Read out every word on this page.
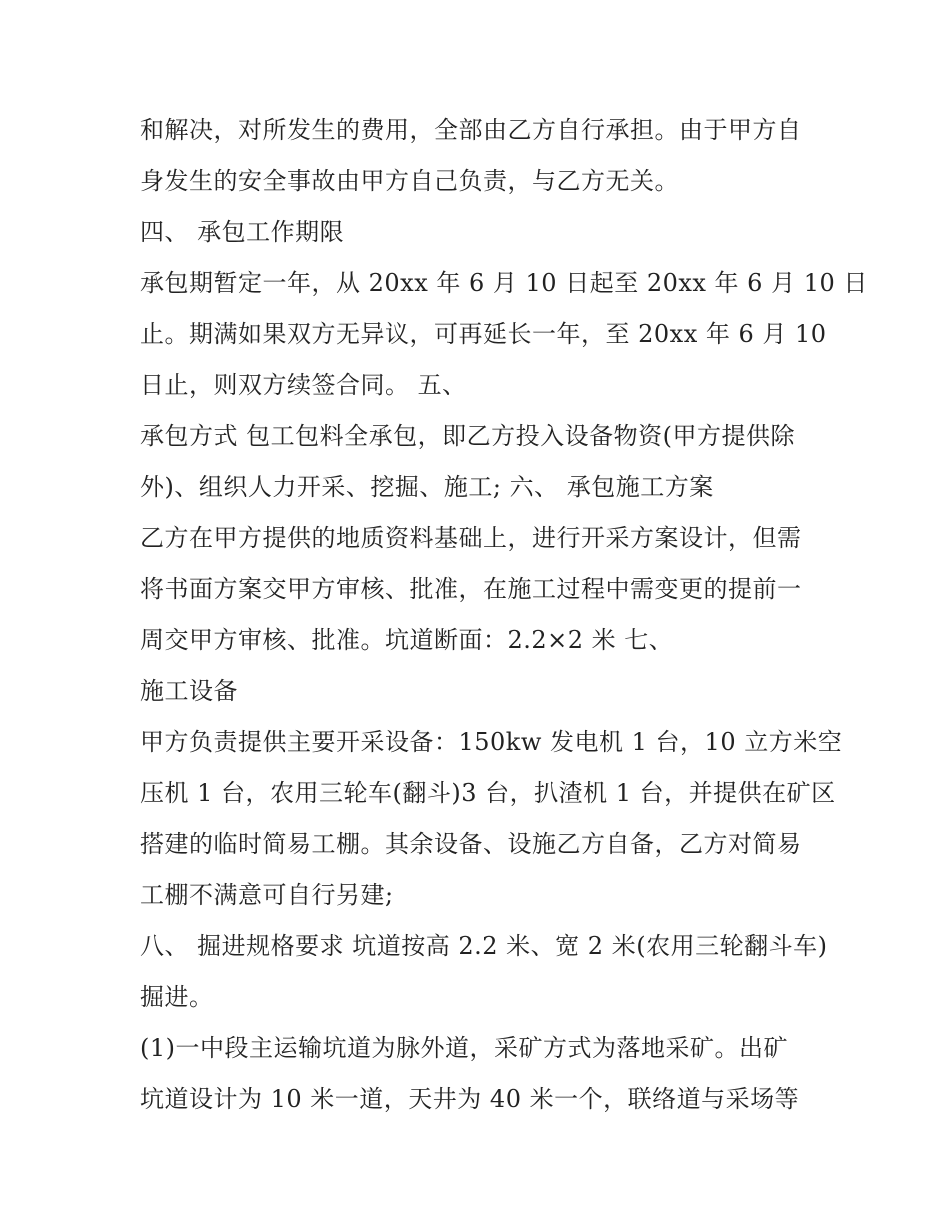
和解决，对所发生的费用，全部由乙方自行承担。由于甲方自
身发生的安全事故由甲方自己负责，与乙方无关。
四、 承包工作期限
承包期暂定一年，从 20xx 年 6 月 10 日起至 20xx 年 6 月 10 日
止。期满如果双方无异议，可再延长一年，至 20xx 年 6 月 10
日止，则双方续签合同。 五、
承包方式 包工包料全承包，即乙方投入设备物资(甲方提供除
外)、组织人力开采、挖掘、施工; 六、 承包施工方案
乙方在甲方提供的地质资料基础上，进行开采方案设计，但需
将书面方案交甲方审核、批准，在施工过程中需变更的提前一
周交甲方审核、批准。坑道断面：2.2×2 米 七、
施工设备
甲方负责提供主要开采设备：150kw 发电机 1 台，10 立方米空
压机 1 台，农用三轮车(翻斗)3 台，扒渣机 1 台，并提供在矿区
搭建的临时简易工棚。其余设备、设施乙方自备，乙方对简易
工棚不满意可自行另建;
八、 掘进规格要求 坑道按高 2.2 米、宽 2 米(农用三轮翻斗车)
掘进。
(1)一中段主运输坑道为脉外道，采矿方式为落地采矿。出矿
坑道设计为 10 米一道，天井为 40 米一个，联络道与采场等
